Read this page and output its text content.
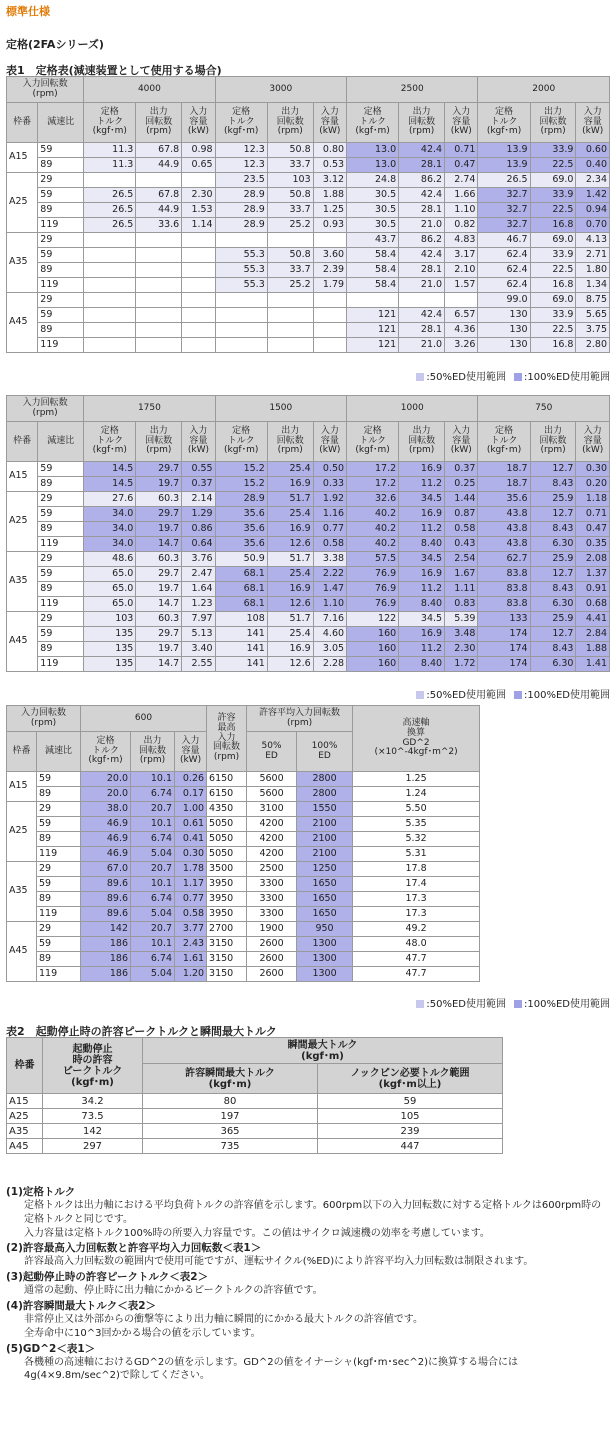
標準仕様
定格(2FAシリーズ)
表1　定格表(減速装置として使用する場合)
入力回転数
(rpm)		4000			3000			2500			2000		
枠番	減速比	定格
トルク
(kgf･m)	出力
回転数
(rpm)	入力
容量
(kW)	定格
トルク
(kgf･m)	出力
回転数
(rpm)	入力
容量
(kW)	定格
トルク
(kgf･m)	出力
回転数
(rpm)	入力
容量
(kW)	定格
トルク
(kgf･m)	出力
回転数
(rpm)	入力
容量
(kW)
A15	59	11.3	67.8	0.98	12.3	50.8	0.80	13.0	42.4	0.71	13.9	33.9	0.60
	89	11.3	44.9	0.65	12.3	33.7	0.53	13.0	28.1	0.47	13.9	22.5	0.40
A25	29				23.5	103	3.12	24.8	86.2	2.74	26.5	69.0	2.34
	59	26.5	67.8	2.30	28.9	50.8	1.88	30.5	42.4	1.66	32.7	33.9	1.42
	89	26.5	44.9	1.53	28.9	33.7	1.25	30.5	28.1	1.10	32.7	22.5	0.94
	119	26.5	33.6	1.14	28.9	25.2	0.93	30.5	21.0	0.82	32.7	16.8	0.70
A35	29							43.7	86.2	4.83	46.7	69.0	4.13
	59				55.3	50.8	3.60	58.4	42.4	3.17	62.4	33.9	2.71
	89				55.3	33.7	2.39	58.4	28.1	2.10	62.4	22.5	1.80
	119				55.3	25.2	1.79	58.4	21.0	1.57	62.4	16.8	1.34
A45	29										99.0	69.0	8.75
	59							121	42.4	6.57	130	33.9	5.65
	89							121	28.1	4.36	130	22.5	3.75
	119							121	21.0	3.26	130	16.8	2.80
:50%ED使用範囲 :100%ED使用範囲
入力回転数
(rpm)		1750			1500			1000			750		
枠番	減速比	定格
トルク
(kgf･m)	出力
回転数
(rpm)	入力
容量
(kW)	定格
トルク
(kgf･m)	出力
回転数
(rpm)	入力
容量
(kW)	定格
トルク
(kgf･m)	出力
回転数
(rpm)	入力
容量
(kW)	定格
トルク
(kgf･m)	出力
回転数
(rpm)	入力
容量
(kW)
A15	59	14.5	29.7	0.55	15.2	25.4	0.50	17.2	16.9	0.37	18.7	12.7	0.30
	89	14.5	19.7	0.37	15.2	16.9	0.33	17.2	11.2	0.25	18.7	8.43	0.20
A25	29	27.6	60.3	2.14	28.9	51.7	1.92	32.6	34.5	1.44	35.6	25.9	1.18
	59	34.0	29.7	1.29	35.6	25.4	1.16	40.2	16.9	0.87	43.8	12.7	0.71
	89	34.0	19.7	0.86	35.6	16.9	0.77	40.2	11.2	0.58	43.8	8.43	0.47
	119	34.0	14.7	0.64	35.6	12.6	0.58	40.2	8.40	0.43	43.8	6.30	0.35
A35	29	48.6	60.3	3.76	50.9	51.7	3.38	57.5	34.5	2.54	62.7	25.9	2.08
	59	65.0	29.7	2.47	68.1	25.4	2.22	76.9	16.9	1.67	83.8	12.7	1.37
	89	65.0	19.7	1.64	68.1	16.9	1.47	76.9	11.2	1.11	83.8	8.43	0.91
	119	65.0	14.7	1.23	68.1	12.6	1.10	76.9	8.40	0.83	83.8	6.30	0.68
A45	29	103	60.3	7.97	108	51.7	7.16	122	34.5	5.39	133	25.9	4.41
	59	135	29.7	5.13	141	25.4	4.60	160	16.9	3.48	174	12.7	2.84
	89	135	19.7	3.40	141	16.9	3.05	160	11.2	2.30	174	8.43	1.88
	119	135	14.7	2.55	141	12.6	2.28	160	8.40	1.72	174	6.30	1.41
:50%ED使用範囲 :100%ED使用範囲
入力回転数
(rpm)		600			許容
最高
入力
回転数
(rpm)	許容平均入力回転数
(rpm)		高速軸
換算
GD^2
(×10^-4kgf･m^2)
枠番	減速比	定格
トルク
(kgf･m)	出力
回転数
(rpm)	入力
容量
(kW)		50%
ED	100%
ED	
A15	59	20.0	10.1	0.26	6150	5600	2800	1.25
	89	20.0	6.74	0.17	6150	5600	2800	1.24
A25	29	38.0	20.7	1.00	4350	3100	1550	5.50
	59	46.9	10.1	0.61	5050	4200	2100	5.35
	89	46.9	6.74	0.41	5050	4200	2100	5.32
	119	46.9	5.04	0.30	5050	4200	2100	5.31
A35	29	67.0	20.7	1.78	3500	2500	1250	17.8
	59	89.6	10.1	1.17	3950	3300	1650	17.4
	89	89.6	6.74	0.77	3950	3300	1650	17.3
	119	89.6	5.04	0.58	3950	3300	1650	17.3
A45	29	142	20.7	3.77	2700	1900	950	49.2
	59	186	10.1	2.43	3150	2600	1300	48.0
	89	186	6.74	1.61	3150	2600	1300	47.7
	119	186	5.04	1.20	3150	2600	1300	47.7
:50%ED使用範囲 :100%ED使用範囲
表2　起動停止時の許容ピークトルクと瞬間最大トルク
枠番	起動停止
時の許容
ピークトルク
(kgf･m)	瞬間最大トルク
(kgf･m)	
		許容瞬間最大トルク
(kgf･m)	ノックピン必要トルク範囲
(kgf･m以上)
A15	34.2	80	59
A25	73.5	197	105
A35	142	365	239
A45	297	735	447
(1)定格トルク
定格トルクは出力軸における平均負荷トルクの許容値を示します。600rpm以下の入力回転数に対する定格トルクは600rpm時の定格トルクと同じです。
入力容量は定格トルク100%時の所要入力容量です。この値はサイクロ減速機の効率を考慮しています。
(2)許容最高入力回転数と許容平均入力回転数＜表1＞
許容最高入力回転数の範囲内で使用可能ですが、運転サイクル(%ED)により許容平均入力回転数は制限されます。
(3)起動停止時の許容ピークトルク＜表2＞
通常の起動、停止時に出力軸にかかるピークトルクの許容値です。
(4)許容瞬間最大トルク＜表2＞
非常停止又は外部からの衝撃等により出力軸に瞬間的にかかる最大トルクの許容値です。
全寿命中に10^3回かかる場合の値を示しています。
(5)GD^2＜表1＞
各機種の高速軸におけるGD^2の値を示します。GD^2の値をイナーシャ(kgf･m･sec^2)に換算する場合には4g(4×9.8m/sec^2)で除してください。
